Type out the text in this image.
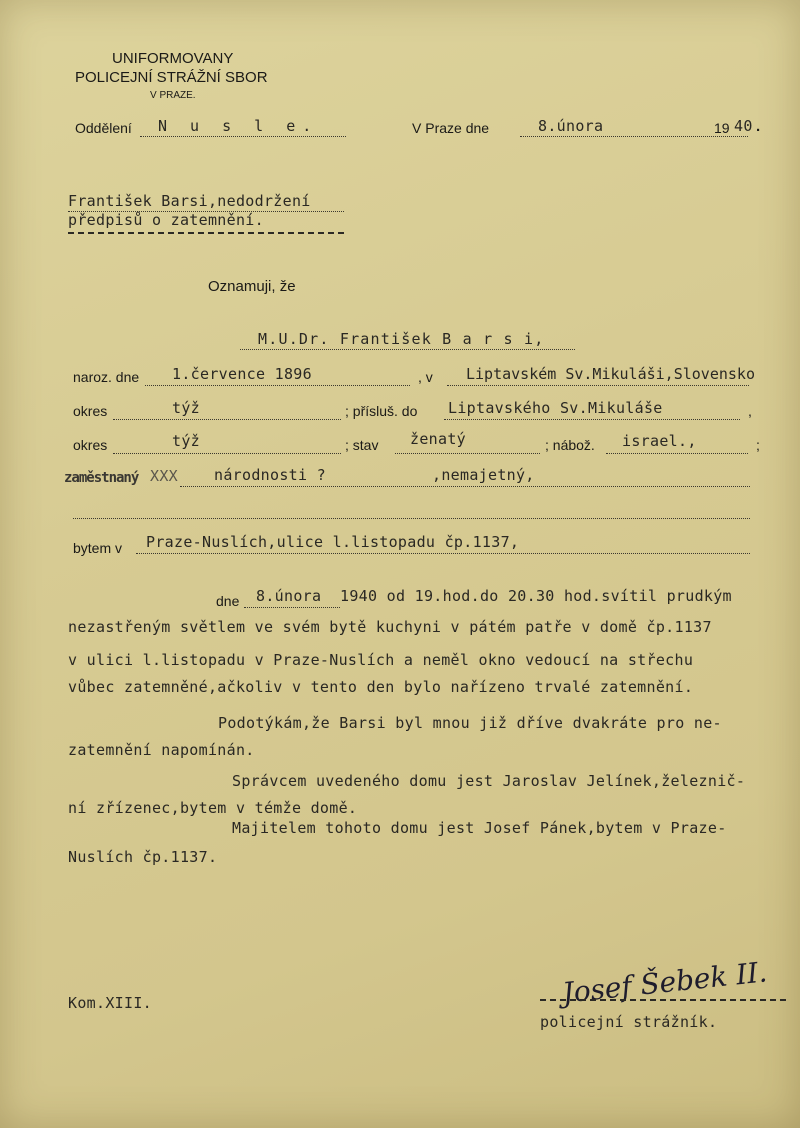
UNIFORMOVANY
POLICEJNÍ STRÁŽNÍ SBOR
V PRAZE.
Oddělení N u s l e.	V Praze dne	8.února	19 40 .
František Barsi,nedodržení
předpisů o zatemnění.
Oznamuji, že
M.U.Dr. František B a r s i,
naroz. dne 1.července 1896	, v Liptavském Sv.Mikuláši,Slovensko
okres	týž	; přísluš. do Liptavského Sv.Mikuláše	,
okres	týž	; stav ženatý	; nábož. israel.,	;
zaměstnaný XXX národnosti ?	,nemajetný,
bytem v Praze-Nuslích,ulice l.listopadu čp.1137,
dne 8.února 1940 od 19.hod.do 20.30 hod.svítil prudkým
nezastřeným světlem ve svém bytě kuchyni v pátém patře v domě čp.1137
v ulici l.listopadu v Praze-Nuslích a neměl okno vedoucí na střechu
vůbec zatemněné,ačkoliv v tento den bylo nařízeno trvalé zatemnění.
Podotýkám,že Barsi byl mnou již dříve dvakráte pro ne-
zatemnění napomínán.
Správcem uvedeného domu jest Jaroslav Jelínek,železnič-
ní zřízenec,bytem v témže domě.
Majitelem tohoto domu jest Josef Pánek,bytem v Praze-
Nuslích čp.1137.
Kom.XIII.	Josef Šebek II.
policejní strážník.
